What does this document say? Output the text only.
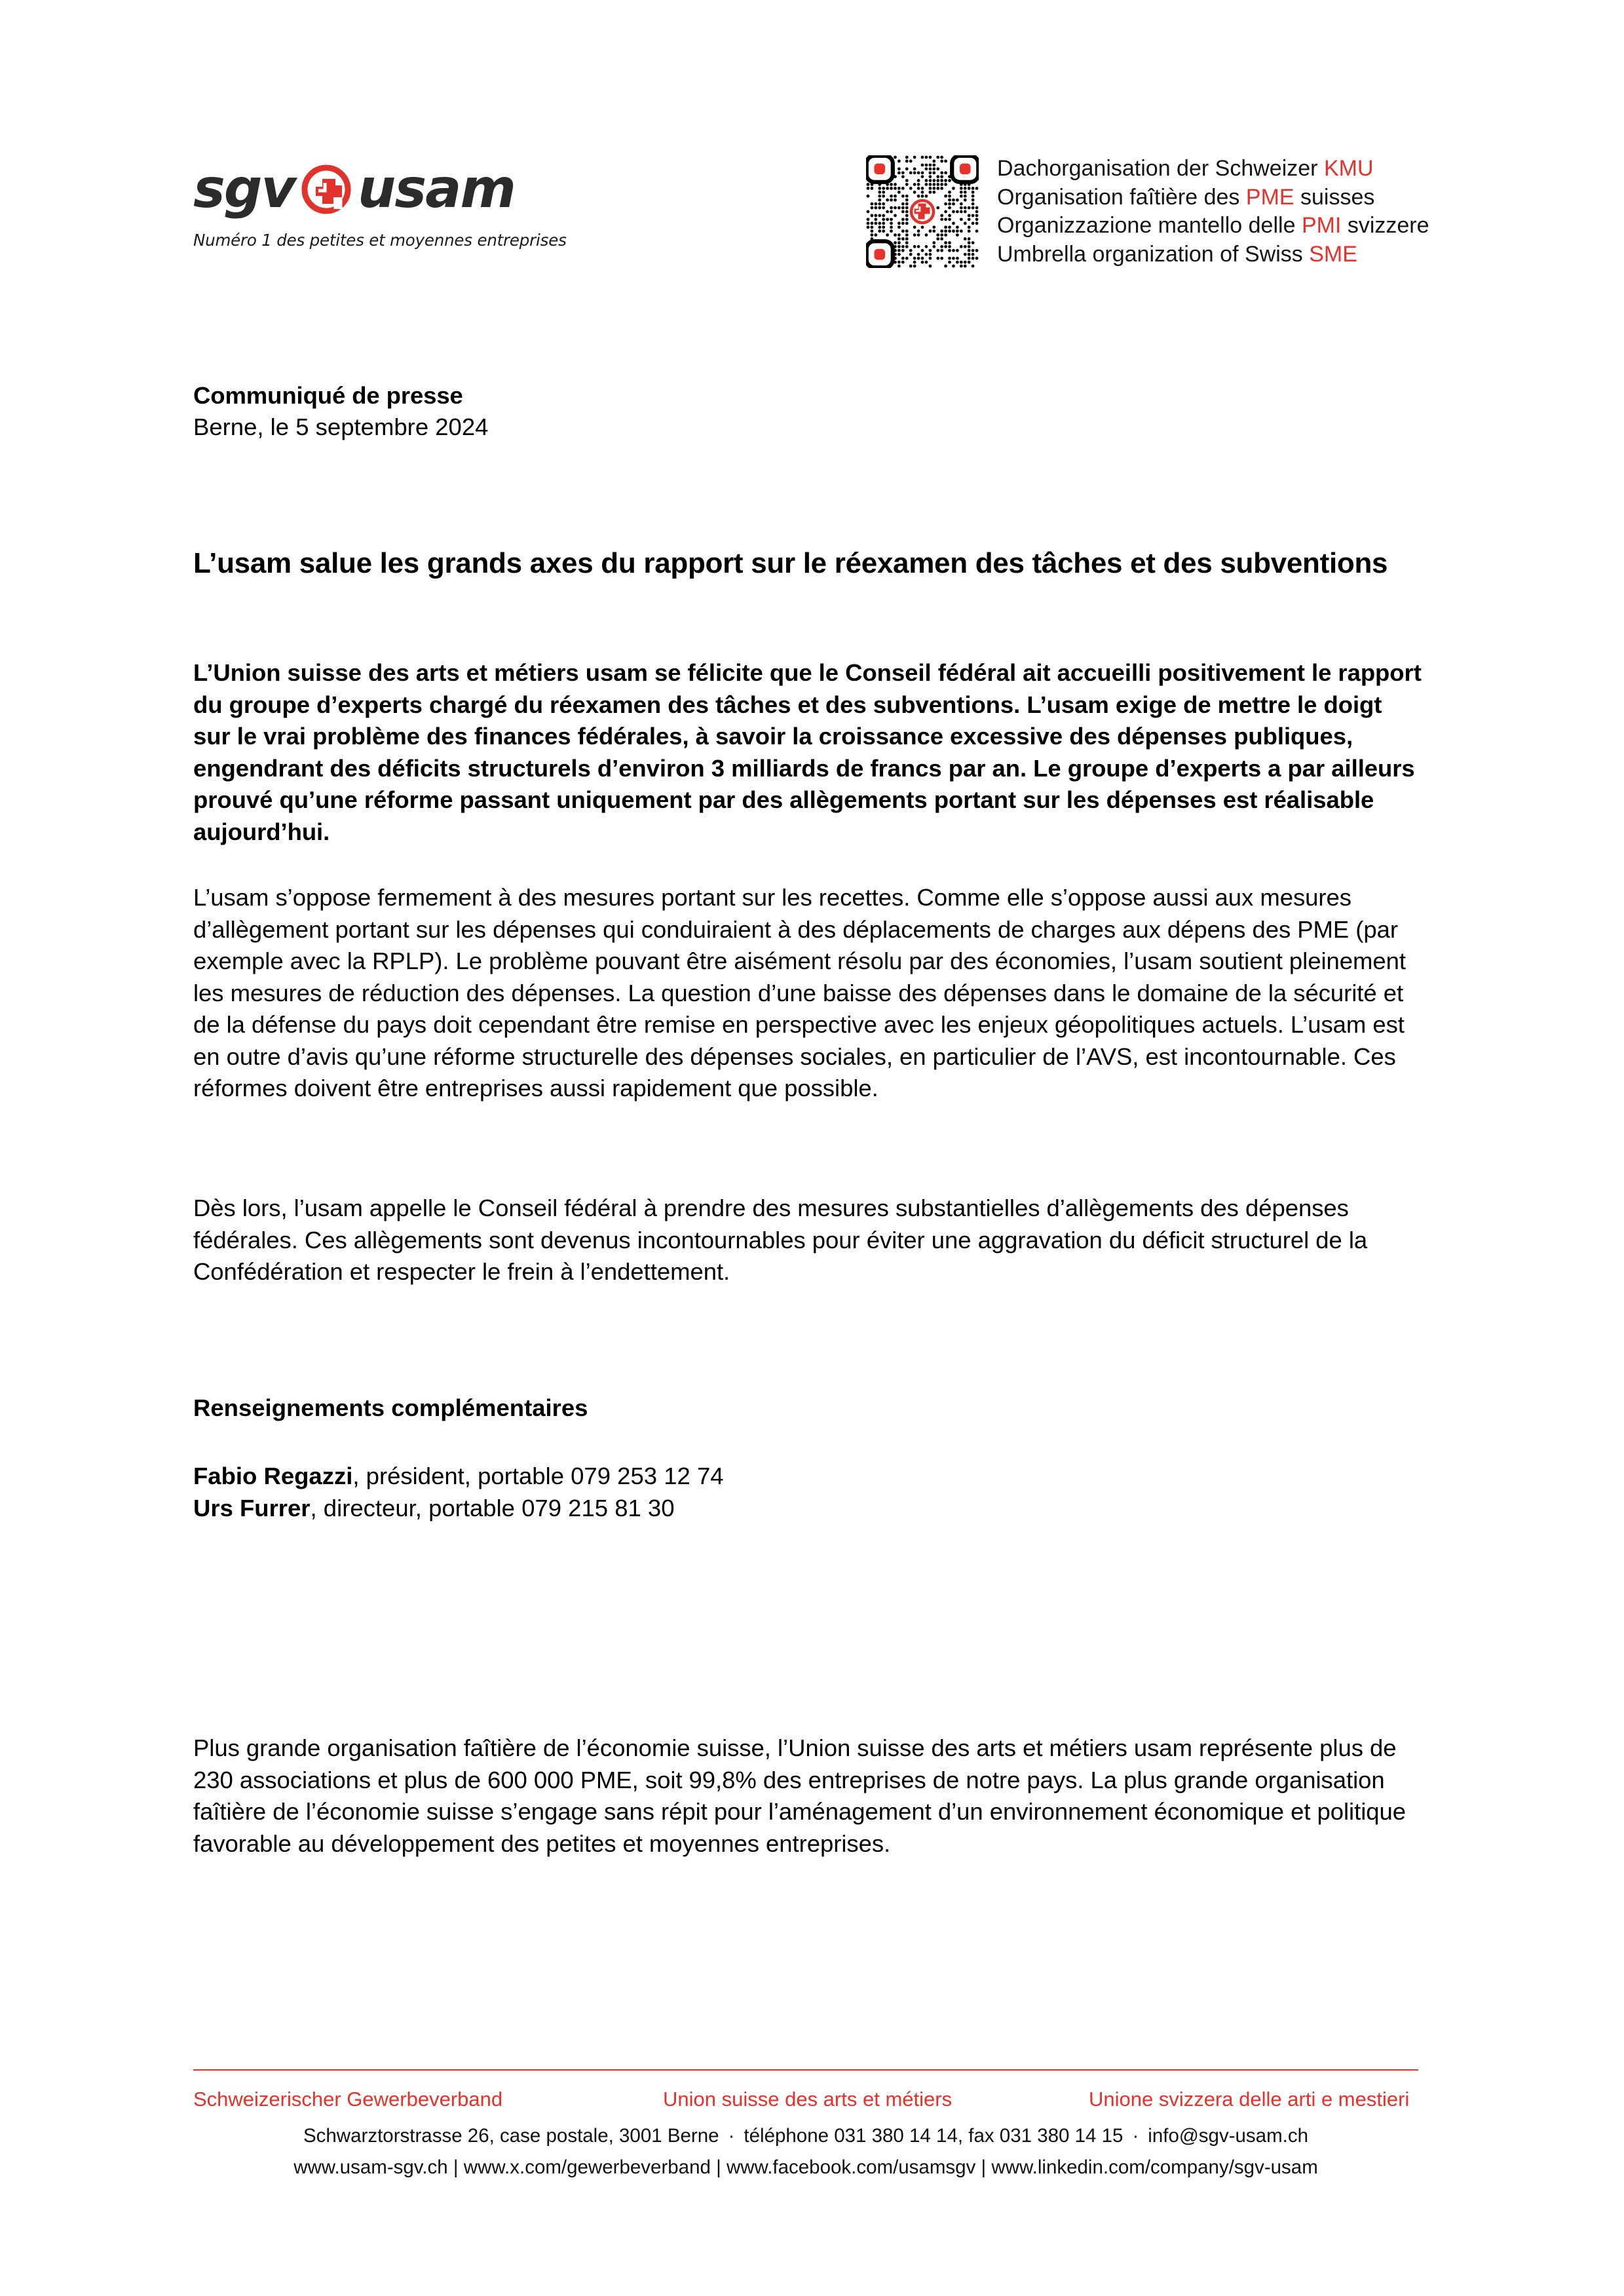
sgv usam
Numéro 1 des petites et moyennes entreprises
Dachorganisation der Schweizer KMU
Organisation faîtière des PME suisses
Organizzazione mantello delle PMI svizzere
Umbrella organization of Swiss SME
Communiqué de presse
Berne, le 5 septembre 2024
L’usam salue les grands axes du rapport sur le réexamen des tâches et des subventions

L’Union suisse des arts et métiers usam se félicite que le Conseil fédéral ait accueilli positivement le rapport du groupe d’experts chargé du réexamen des tâches et des subventions. L’usam exige de mettre le doigt sur le vrai problème des finances fédérales, à savoir la croissance excessive des dépenses publiques, engendrant des déficits structurels d’environ 3 milliards de francs par an. Le groupe d’experts a par ailleurs prouvé qu’une réforme passant uniquement par des allègements portant sur les dépenses est réalisable aujourd’hui.

L’usam s’oppose fermement à des mesures portant sur les recettes. Comme elle s’oppose aussi aux mesures d’allègement portant sur les dépenses qui conduiraient à des déplacements de charges aux dépens des PME (par exemple avec la RPLP). Le problème pouvant être aisément résolu par des économies, l’usam soutient pleinement les mesures de réduction des dépenses. La question d’une baisse des dépenses dans le domaine de la sécurité et de la défense du pays doit cependant être remise en perspective avec les enjeux géopolitiques actuels. L’usam est en outre d’avis qu’une réforme structurelle des dépenses sociales, en particulier de l’AVS, est incontournable. Ces réformes doivent être entreprises aussi rapidement que possible.

Dès lors, l’usam appelle le Conseil fédéral à prendre des mesures substantielles d’allègements des dépenses fédérales. Ces allègements sont devenus incontournables pour éviter une aggravation du déficit structurel de la Confédération et respecter le frein à l’endettement.

Renseignements complémentaires
Fabio Regazzi, président, portable 079 253 12 74
Urs Furrer, directeur, portable 079 215 81 30

Plus grande organisation faîtière de l’économie suisse, l’Union suisse des arts et métiers usam représente plus de 230 associations et plus de 600 000 PME, soit 99,8% des entreprises de notre pays. La plus grande organisation faîtière de l’économie suisse s’engage sans répit pour l’aménagement d’un environnement économique et politique favorable au développement des petites et moyennes entreprises.

Schweizerischer Gewerbeverband	Union suisse des arts et métiers	Unione svizzera delle arti e mestieri
Schwarztorstrasse 26, case postale, 3001 Berne · téléphone 031 380 14 14, fax 031 380 14 15 · info@sgv-usam.ch
www.usam-sgv.ch | www.x.com/gewerbeverband | www.facebook.com/usamsgv | www.linkedin.com/company/sgv-usam
